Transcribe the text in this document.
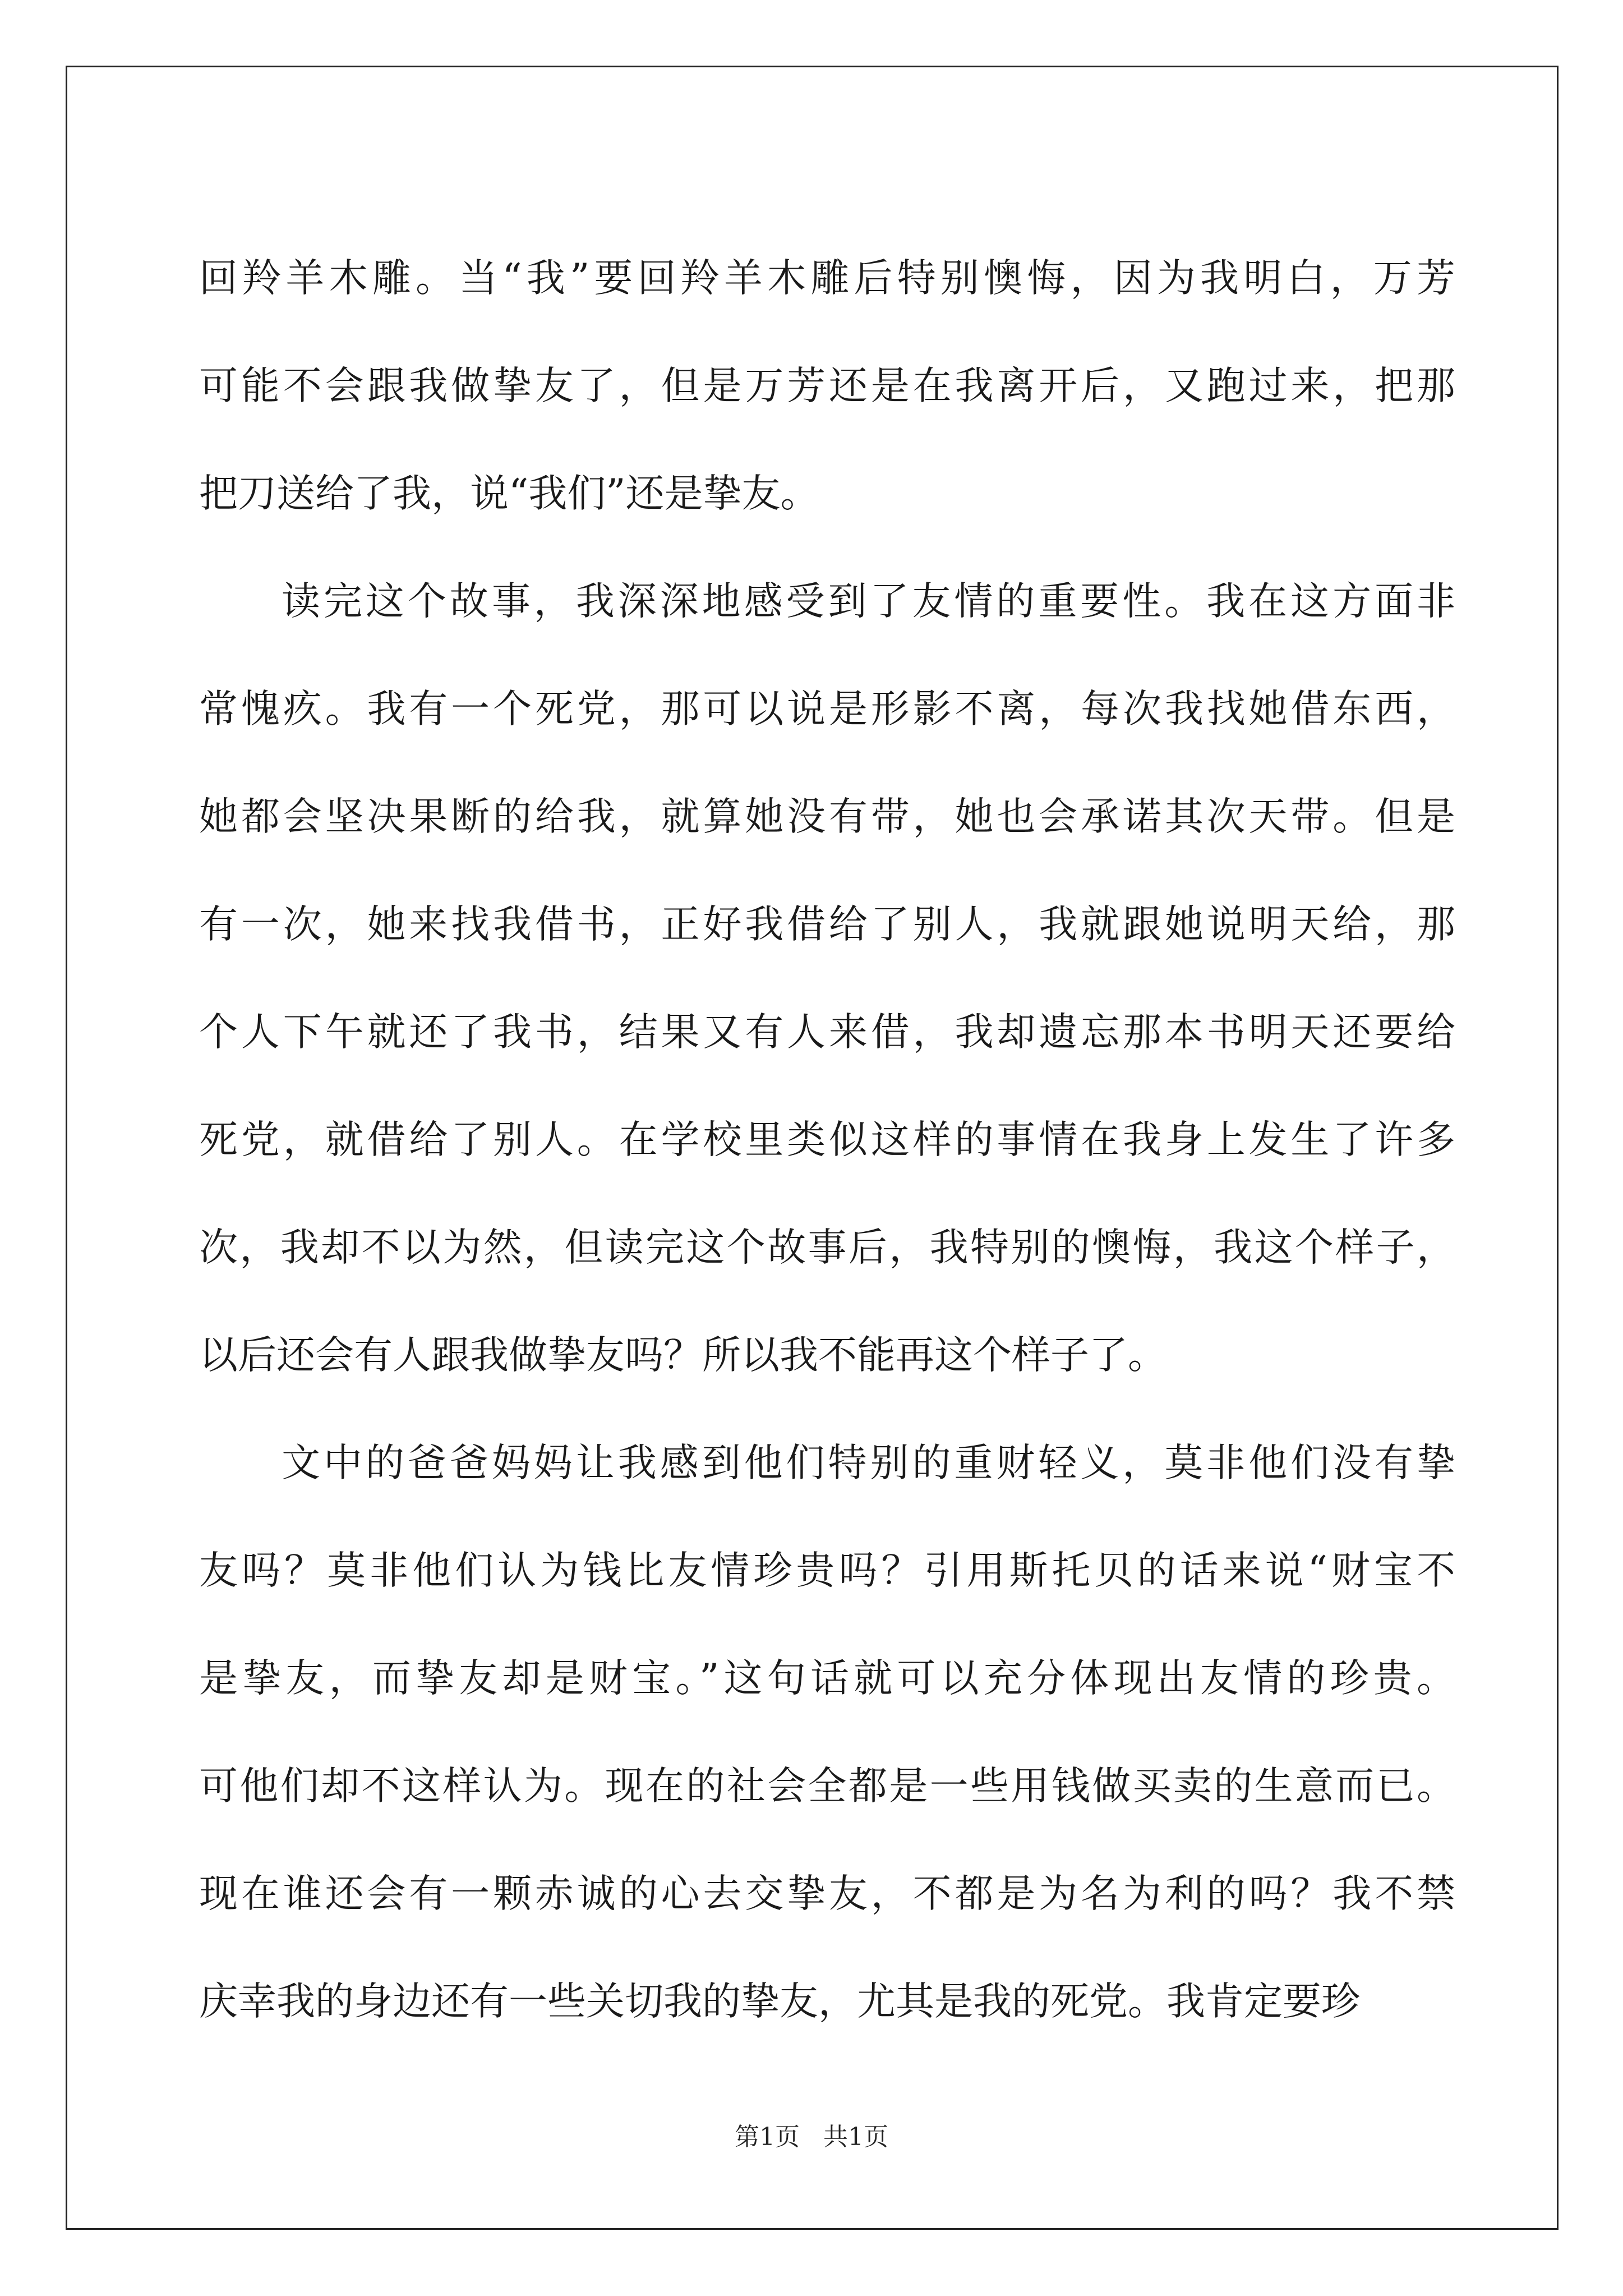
回羚羊木雕。当“我”要回羚羊木雕后特别懊悔，因为我明白，万芳
可能不会跟我做挚友了，但是万芳还是在我离开后，又跑过来，把那
把刀送给了我，说“我们”还是挚友。
读完这个故事，我深深地感受到了友情的重要性。我在这方面非
常愧疚。我有一个死党，那可以说是形影不离，每次我找她借东西，
她都会坚决果断的给我，就算她没有带，她也会承诺其次天带。但是
有一次，她来找我借书，正好我借给了别人，我就跟她说明天给，那
个人下午就还了我书，结果又有人来借，我却遗忘那本书明天还要给
死党，就借给了别人。在学校里类似这样的事情在我身上发生了许多
次，我却不以为然，但读完这个故事后，我特别的懊悔，我这个样子，
以后还会有人跟我做挚友吗？所以我不能再这个样子了。
文中的爸爸妈妈让我感到他们特别的重财轻义，莫非他们没有挚
友吗？莫非他们认为钱比友情珍贵吗？引用斯托贝的话来说“财宝不
是挚友，而挚友却是财宝。”这句话就可以充分体现出友情的珍贵。
可他们却不这样认为。现在的社会全都是一些用钱做买卖的生意而已。
现在谁还会有一颗赤诚的心去交挚友，不都是为名为利的吗？我不禁
庆幸我的身边还有一些关切我的挚友，尤其是我的死党。我肯定要珍
第1页 共1页
